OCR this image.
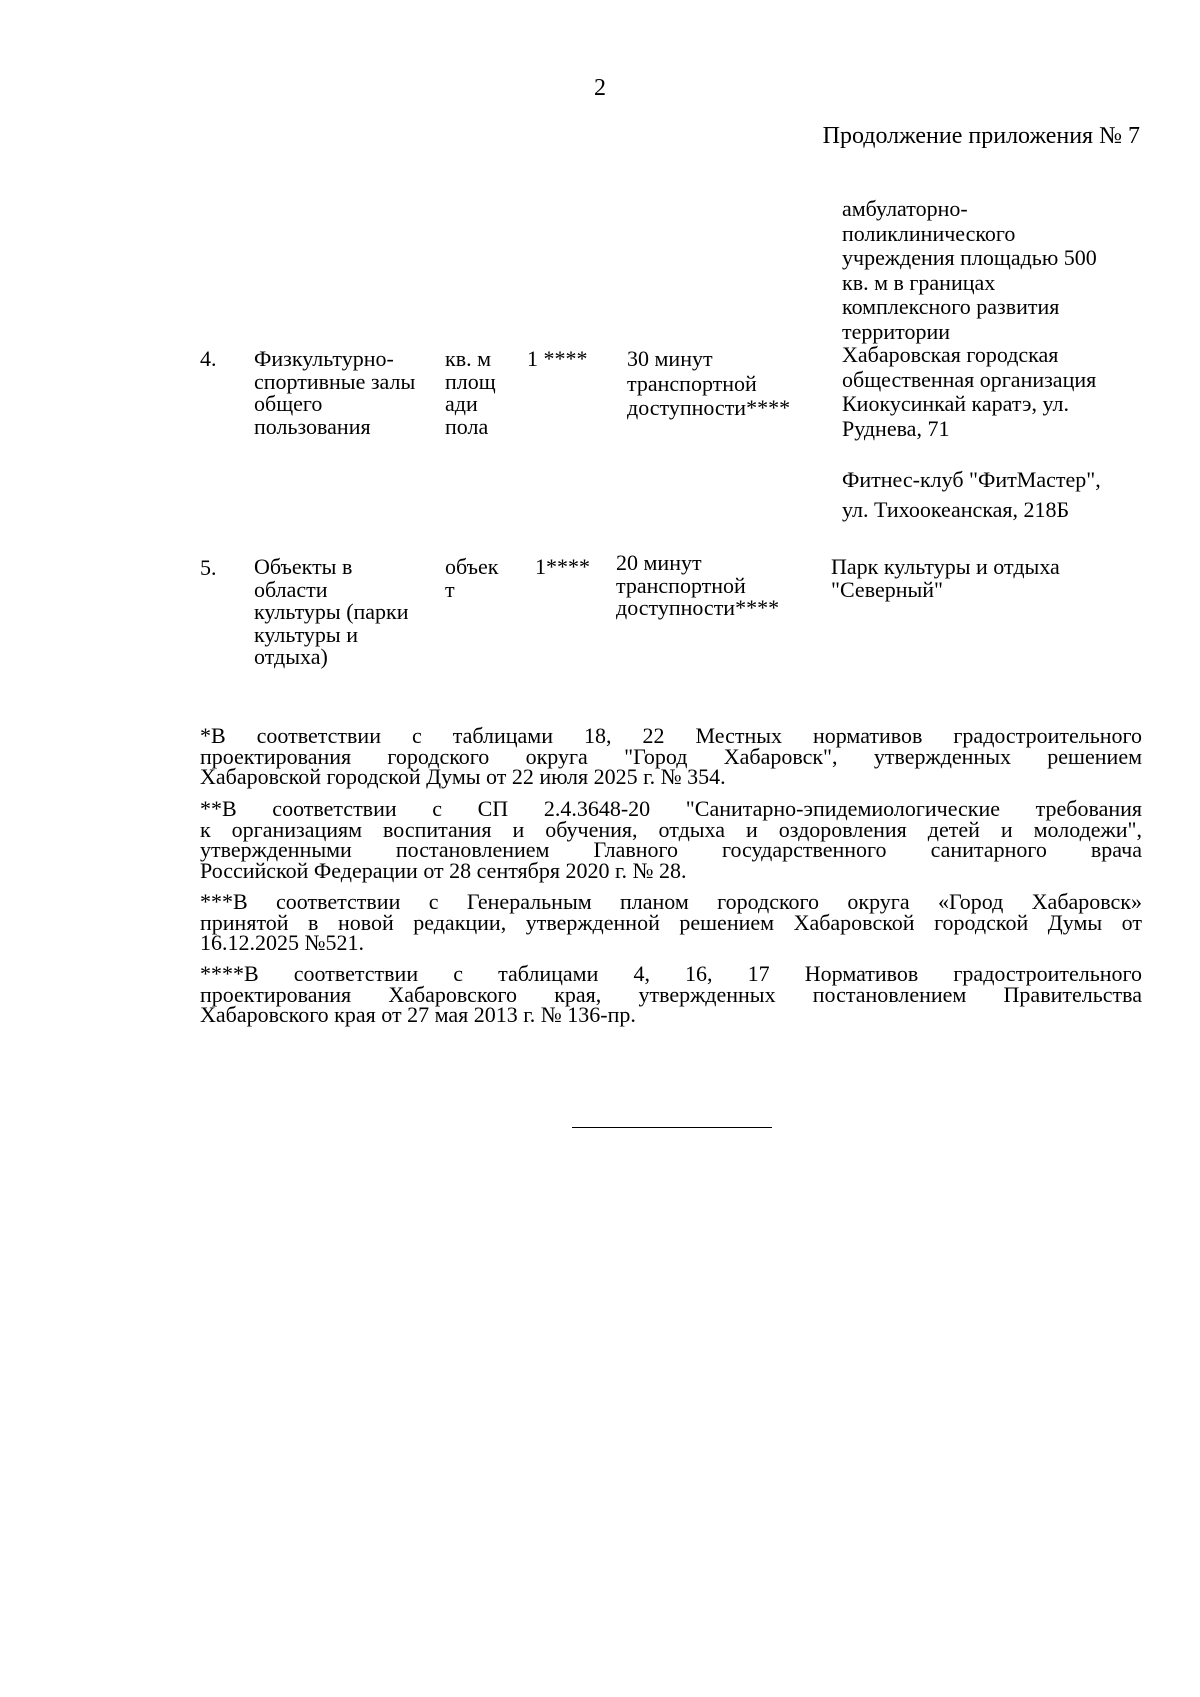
2
Продолжение приложения № 7
амбулаторно-
поликлинического
учреждения площадью 500
кв. м в границах
комплексного развития
территории
4. Физкультурно-
спортивные залы
общего
пользования
кв. м
площ
ади
пола
1 **** 30 минут
транспортной
доступности****
Хабаровская городская
общественная организация
Киокусинкай каратэ, ул.
Руднева, 71
Фитнес-клуб "ФитМастер",
ул. Тихоокеанская, 218Б
5. Объекты в
области
культуры (парки
культуры и
отдыха)
объек
т
1**** 20 минут
транспортной
доступности****
Парк культуры и отдыха
"Северный"
*В соответствии с таблицами 18, 22 Местных нормативов градостроительного
проектирования городского округа "Город Хабаровск", утвержденных решением
Хабаровской городской Думы от 22 июля 2025 г. № 354.
**В соответствии с СП 2.4.3648-20 "Санитарно-эпидемиологические требования
к организациям воспитания и обучения, отдыха и оздоровления детей и молодежи",
утвержденными постановлением Главного государственного санитарного врача
Российской Федерации от 28 сентября 2020 г. № 28.
***В соответствии с Генеральным планом городского округа «Город Хабаровск»
принятой в новой редакции, утвержденной решением Хабаровской городской Думы от
16.12.2025 №521.
****В соответствии с таблицами 4, 16, 17 Нормативов градостроительного
проектирования Хабаровского края, утвержденных постановлением Правительства
Хабаровского края от 27 мая 2013 г. № 136-пр.
